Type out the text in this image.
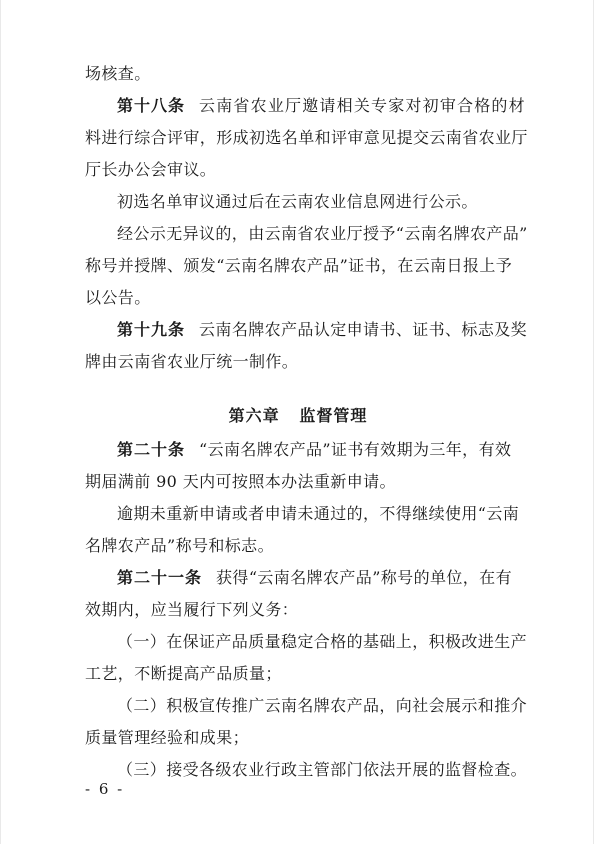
场核查。
第十八条 云南省农业厅邀请相关专家对初审合格的材
料进行综合评审，形成初选名单和评审意见提交云南省农业厅
厅长办公会审议。
初选名单审议通过后在云南农业信息网进行公示。
经公示无异议的，由云南省农业厅授予“云南名牌农产品”
称号并授牌、颁发“云南名牌农产品”证书，在云南日报上予
以公告。
第十九条 云南名牌农产品认定申请书、证书、标志及奖
牌由云南省农业厅统一制作。
第六章   监督管理
第二十条 “云南名牌农产品”证书有效期为三年，有效
期届满前 90 天内可按照本办法重新申请。
逾期未重新申请或者申请未通过的，不得继续使用“云南
名牌农产品”称号和标志。
第二十一条 获得“云南名牌农产品”称号的单位，在有
效期内，应当履行下列义务：
（一）在保证产品质量稳定合格的基础上，积极改进生产
工艺，不断提高产品质量；
（二）积极宣传推广云南名牌农产品，向社会展示和推介
质量管理经验和成果；
（三）接受各级农业行政主管部门依法开展的监督检查。
- 6 -
